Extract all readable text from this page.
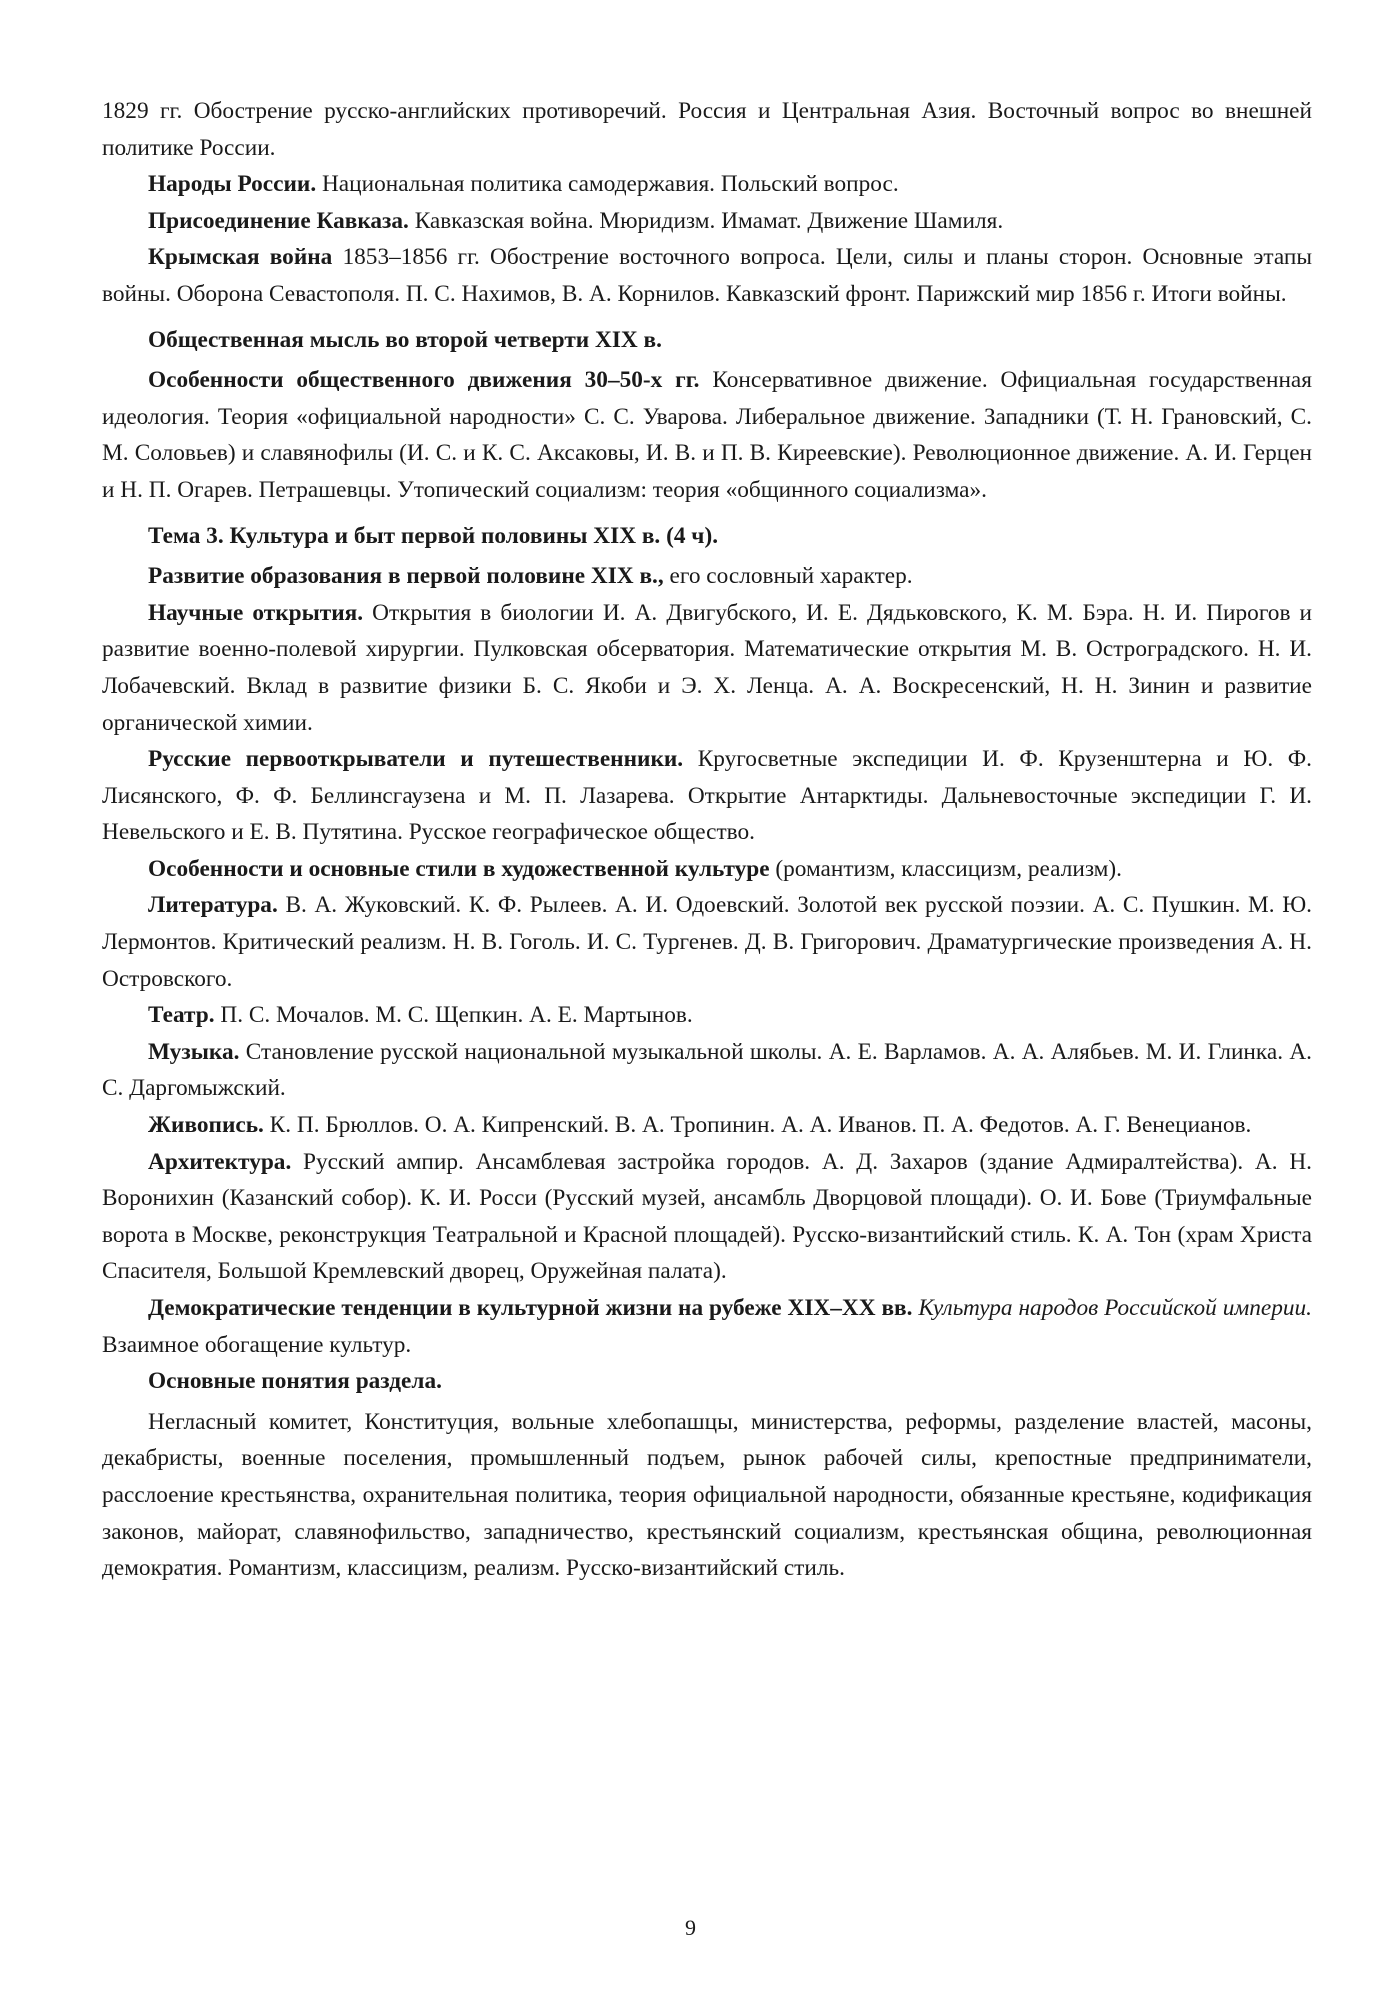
1829 гг. Обострение русско-английских противоречий. Россия и Центральная Азия. Восточный вопрос во внешней политике России.

Народы России. Национальная политика самодержавия. Польский вопрос.

Присоединение Кавказа. Кавказская война. Мюридизм. Имамат. Движение Шамиля.

Крымская война 1853–1856 гг. Обострение восточного вопроса. Цели, силы и планы сторон. Основные этапы войны. Оборона Севастополя. П. С. Нахимов, В. А. Корнилов. Кавказский фронт. Парижский мир 1856 г. Итоги войны.

Общественная мысль во второй четверти XIX в.

Особенности общественного движения 30–50-х гг. Консервативное движение. Официальная государственная идеология. Теория «официальной народности» С. С. Уварова. Либеральное движение. Западники (Т. Н. Грановский, С. М. Соловьев) и славянофилы (И. С. и К. С. Аксаковы, И. В. и П. В. Киреевские). Революционное движение. А. И. Герцен и Н. П. Огарев. Петрашевцы. Утопический социализм: теория «общинного социализма».

Тема 3. Культура и быт первой половины XIX в. (4 ч).

Развитие образования в первой половине XIX в., его сословный характер.

Научные открытия. Открытия в биологии И. А. Двигубского, И. Е. Дядьковского, К. М. Бэра. Н. И. Пирогов и развитие военно-полевой хирургии. Пулковская обсерватория. Математические открытия М. В. Остроградского. Н. И. Лобачевский. Вклад в развитие физики Б. С. Якоби и Э. Х. Ленца. А. А. Воскресенский, Н. Н. Зинин и развитие органической химии.

Русские первооткрыватели и путешественники. Кругосветные экспедиции И. Ф. Крузенштерна и Ю. Ф. Лисянского, Ф. Ф. Беллинсгаузена и М. П. Лазарева. Открытие Антарктиды. Дальневосточные экспедиции Г. И. Невельского и Е. В. Путятина. Русское географическое общество.

Особенности и основные стили в художественной культуре (романтизм, классицизм, реализм).

Литература. В. А. Жуковский. К. Ф. Рылеев. А. И. Одоевский. Золотой век русской поэзии. А. С. Пушкин. М. Ю. Лермонтов. Критический реализм. Н. В. Гоголь. И. С. Тургенев. Д. В. Григорович. Драматургические произведения А. Н. Островского.

Театр. П. С. Мочалов. М. С. Щепкин. А. Е. Мартынов.

Музыка. Становление русской национальной музыкальной школы. А. Е. Варламов. А. А. Алябьев. М. И. Глинка. А. С. Даргомыжский.

Живопись. К. П. Брюллов. О. А. Кипренский. В. А. Тропинин. А. А. Иванов. П. А. Федотов. А. Г. Венецианов.

Архитектура. Русский ампир. Ансамблевая застройка городов. А. Д. Захаров (здание Адмиралтейства). А. Н. Воронихин (Казанский собор). К. И. Росси (Русский музей, ансамбль Дворцовой площади). О. И. Бове (Триумфальные ворота в Москве, реконструкция Театральной и Красной площадей). Русско-византийский стиль. К. А. Тон (храм Христа Спасителя, Большой Кремлевский дворец, Оружейная палата).

Демократические тенденции в культурной жизни на рубеже XIX–XX вв. Культура народов Российской империи. Взаимное обогащение культур.

Основные понятия раздела.

Негласный комитет, Конституция, вольные хлебопашцы, министерства, реформы, разделение властей, масоны, декабристы, военные поселения, промышленный подъем, рынок рабочей силы, крепостные предприниматели, расслоение крестьянства, охранительная политика, теория официальной народности, обязанные крестьяне, кодификация законов, майорат, славянофильство, западничество, крестьянский социализм, крестьянская община, революционная демократия. Романтизм, классицизм, реализм. Русско-византийский стиль.

9
